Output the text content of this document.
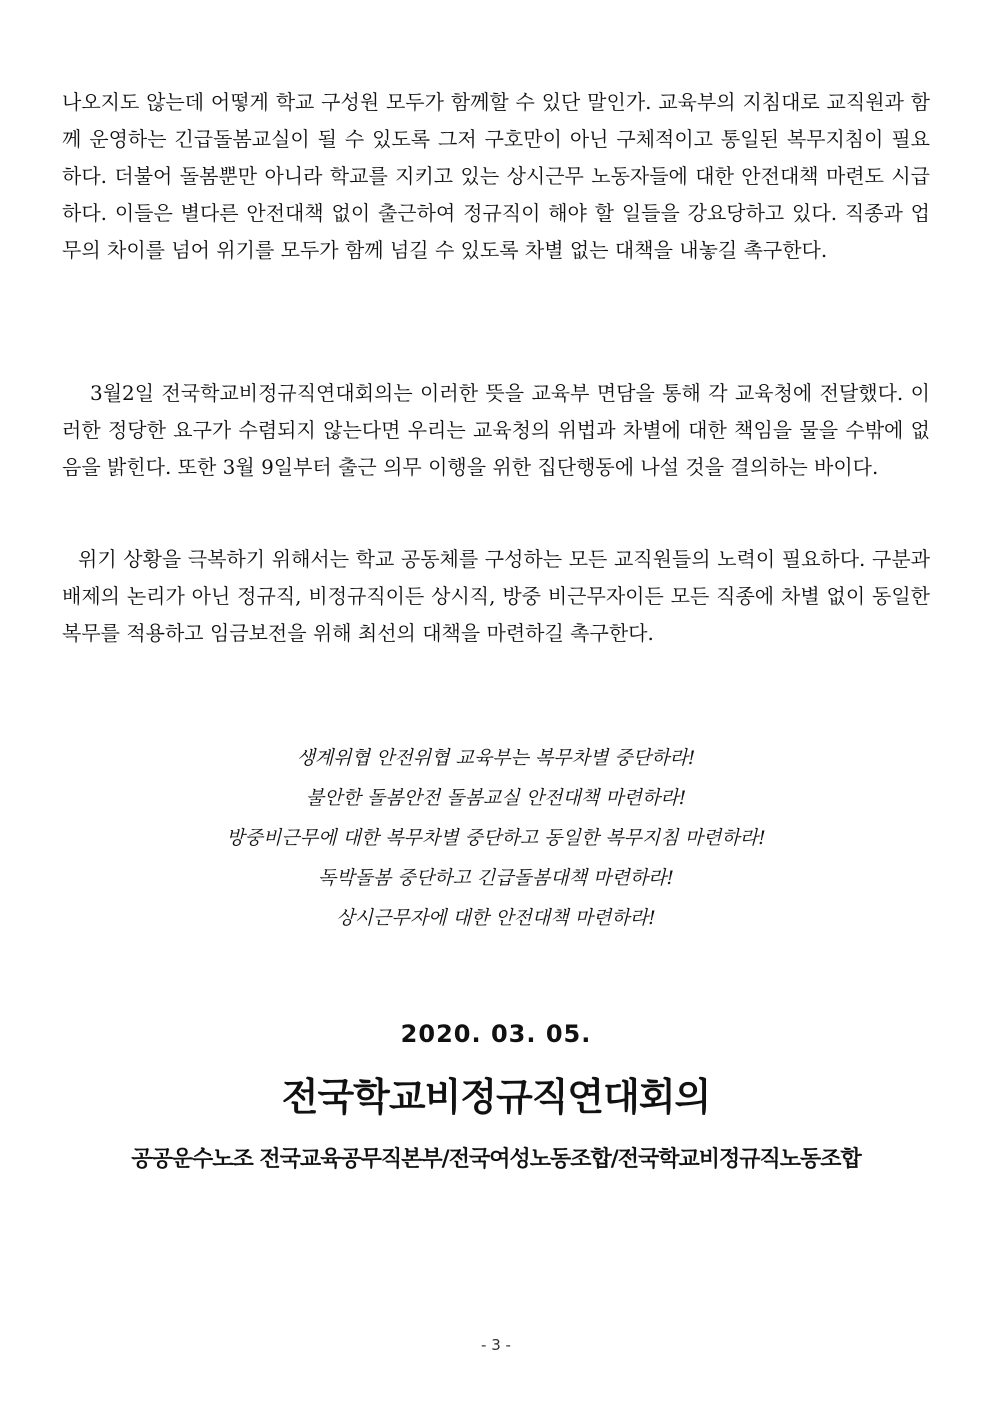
나오지도 않는데 어떻게 학교 구성원 모두가 함께할 수 있단 말인가. 교육부의 지침대로 교직원과 함께 운영하는 긴급돌봄교실이 될 수 있도록 그저 구호만이 아닌 구체적이고 통일된 복무지침이 필요하다. 더불어 돌봄뿐만 아니라 학교를 지키고 있는 상시근무 노동자들에 대한 안전대책 마련도 시급하다. 이들은 별다른 안전대책 없이 출근하여 정규직이 해야 할 일들을 강요당하고 있다. 직종과 업무의 차이를 넘어 위기를 모두가 함께 넘길 수 있도록 차별 없는 대책을 내놓길 촉구한다.

3월2일 전국학교비정규직연대회의는 이러한 뜻을 교육부 면담을 통해 각 교육청에 전달했다. 이러한 정당한 요구가 수렴되지 않는다면 우리는 교육청의 위법과 차별에 대한 책임을 물을 수밖에 없음을 밝힌다. 또한 3월 9일부터 출근 의무 이행을 위한 집단행동에 나설 것을 결의하는 바이다.

위기 상황을 극복하기 위해서는 학교 공동체를 구성하는 모든 교직원들의 노력이 필요하다. 구분과 배제의 논리가 아닌 정규직, 비정규직이든 상시직, 방중 비근무자이든 모든 직종에 차별 없이 동일한 복무를 적용하고 임금보전을 위해 최선의 대책을 마련하길 촉구한다.

생계위협 안전위협 교육부는 복무차별 중단하라!
불안한 돌봄안전 돌봄교실 안전대책 마련하라!
방중비근무에 대한 복무차별 중단하고 동일한 복무지침 마련하라!
독박돌봄 중단하고 긴급돌봄대책 마련하라!
상시근무자에 대한 안전대책 마련하라!
2020. 03. 05.
전국학교비정규직연대회의
공공운수노조 전국교육공무직본부/전국여성노동조합/전국학교비정규직노동조합
- 3 -
